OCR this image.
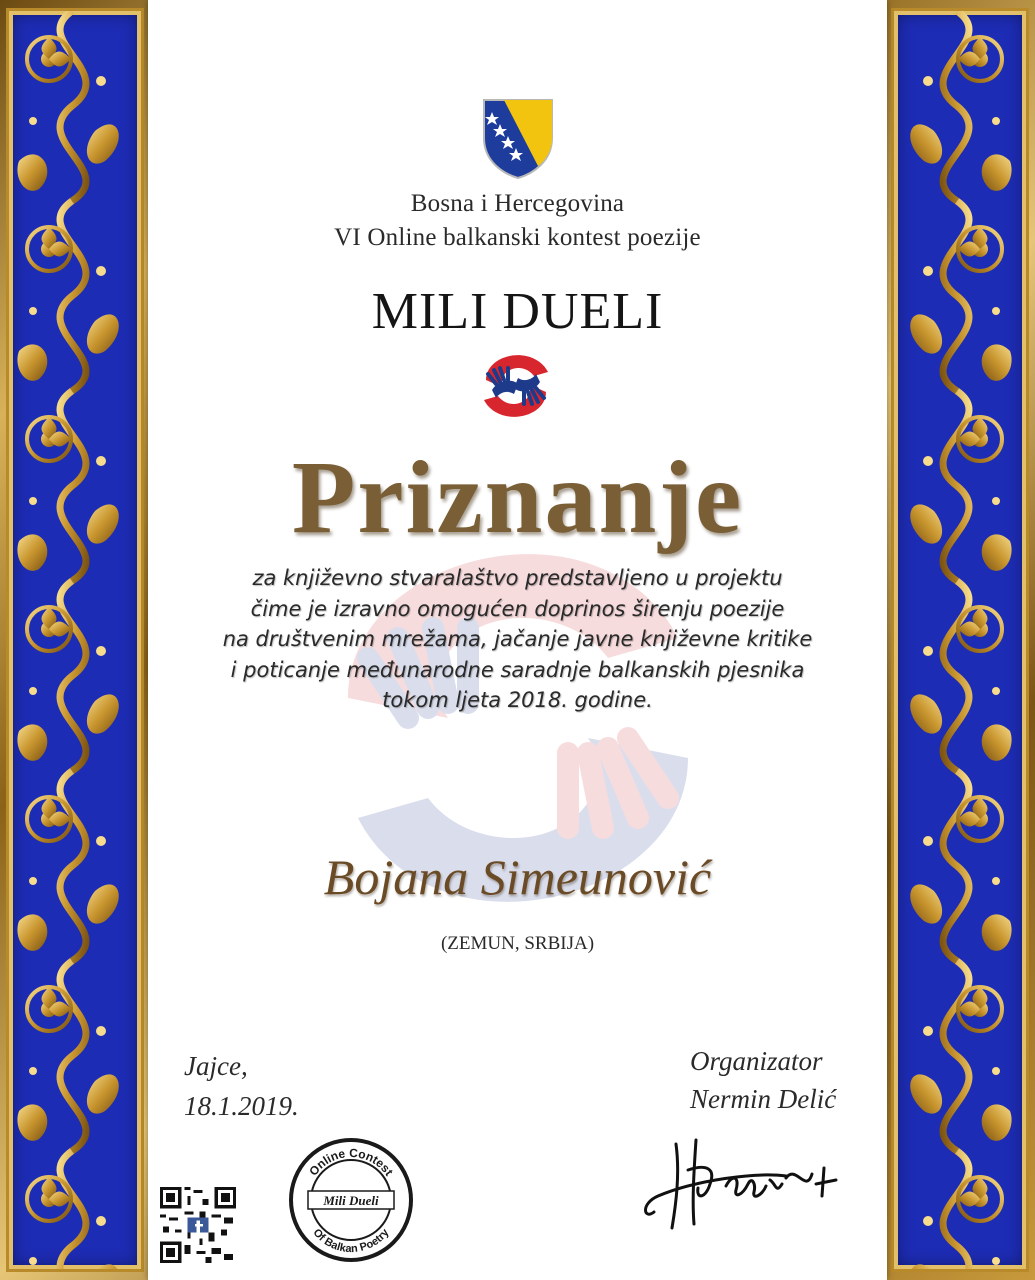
Bosna i Hercegovina
VI Online balkanski kontest poezije
MILI DUELI
Priznanje
za književno stvaralaštvo predstavljeno u projektu
čime je izravno omogućen doprinos širenju poezije
na društvenim mrežama, jačanje javne književne kritike
i poticanje međunarodne saradnje balkanskih pjesnika
tokom ljeta 2018. godine.
Bojana Simeunović
(ZEMUN, SRBIJA)
Jajce,
18.1.2019.
Organizator
Nermin Delić
Online Contest
Mili Dueli
Of Balkan Poetry
